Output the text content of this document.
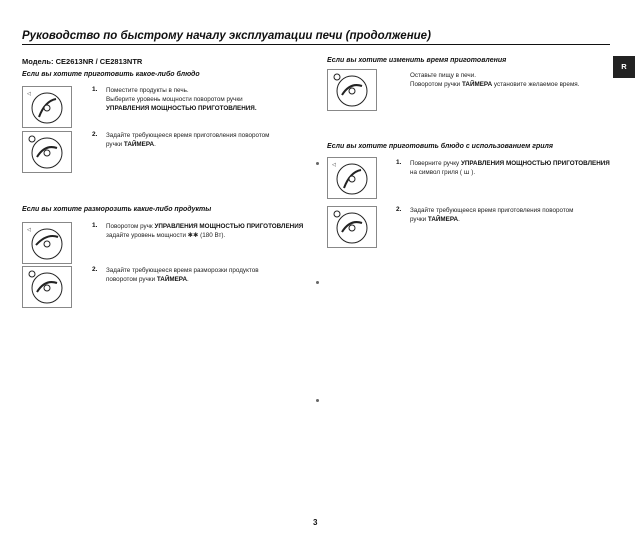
Руководство по быстрому началу эксплуатации печи (продолжение)
R
Модель: CE2613NR / CE2813NTR
Если вы хотите приготовить какое-либо блюдо
◁
1. Поместите продукты в печь.
Выберите уровень мощности поворотом ручки
УПРАВЛЕНИЯ МОЩНОСТЬЮ ПРИГОТОВЛЕНИЯ.
2. Задайте требующееся время приготовления поворотом
ручки ТАЙМЕРА.
Если вы хотите разморозить какие-либо продукты
◁
1. Поворотом ручк УПРАВЛЕНИЯ МОЩНОСТЬЮ ПРИГОТОВЛЕНИЯ задайте уровень мощности ✱✱ (180 Вт).
2. Задайте требующееся время разморозки продуктов
поворотом ручки ТАЙМЕРА.
Если вы хотите изменить время приготовления
Оставьте пищу в печи.
Поворотом ручки ТАЙМЕРА установите желаемое время.
Если вы хотите приготовить блюдо с использованием гриля
◁	1. Поверните ручку УПРАВЛЕНИЯ МОЩНОСТЬЮ ПРИГОТОВЛЕНИЯ на символ гриля ( ꟺ ).
2. Задайте требующееся время приготовления поворотом
ручки ТАЙМЕРА.
3
